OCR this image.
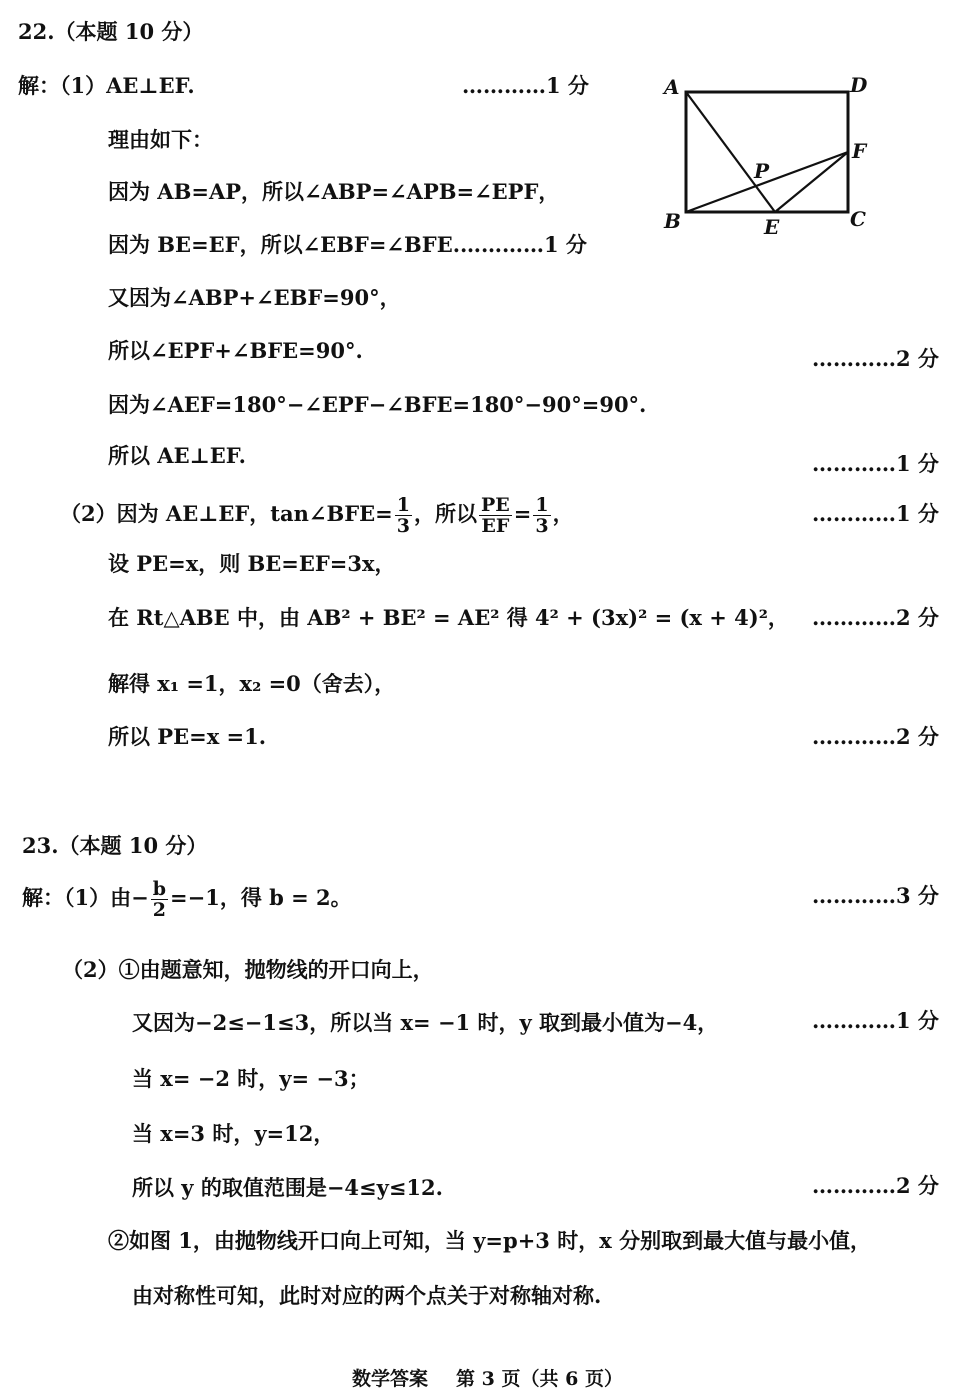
22.（本题 10 分）
解：（1）AE⊥EF.	…………1 分	A	D
F
P
B	E	C
理由如下：
因为 AB=AP，所以∠ABP=∠APB=∠EPF，
因为 BE=EF，所以∠EBF=∠BFE. …………1 分
又因为∠ABP+∠EBF=90°，
所以∠EPF+∠BFE=90°.	…………2 分
因为∠AEF=180°−∠EPF−∠BFE=180°−90°=90°.
所以 AE⊥EF.	…………1 分
（2）因为 AE⊥EF，tan∠BFE= $\frac{1}{3}$ ，所以 $\frac{PE}{EF} = \frac{1}{3}$ ，	…………1 分
设 PE=x，则 BE=EF=3x，
在 Rt△ABE 中，由 AB² + BE² = AE² 得 4² + (3x)² = (x + 4)²， …………2 分
解得 x₁ =1，x₂ =0（舍去），
所以 PE=x =1.	…………2 分
23.（本题 10 分）
解：（1）由− $\frac{b}{2} =-1$，得 b = 2。	…………3 分
（2）①由题意知，抛物线的开口向上，
又因为−2≤−1≤3，所以当 x= −1 时，y 取到最小值为−4，	…………1 分
当 x= −2 时，y= −3；
当 x=3 时，y=12，
所以 y 的取值范围是−4≤y≤12.	…………2 分
②如图 1，由抛物线开口向上可知，当 y=p+3 时，x 分别取到最大值与最小值，
由对称性可知，此时对应的两个点关于对称轴对称.
数学答案 第 3 页（共 6 页）
